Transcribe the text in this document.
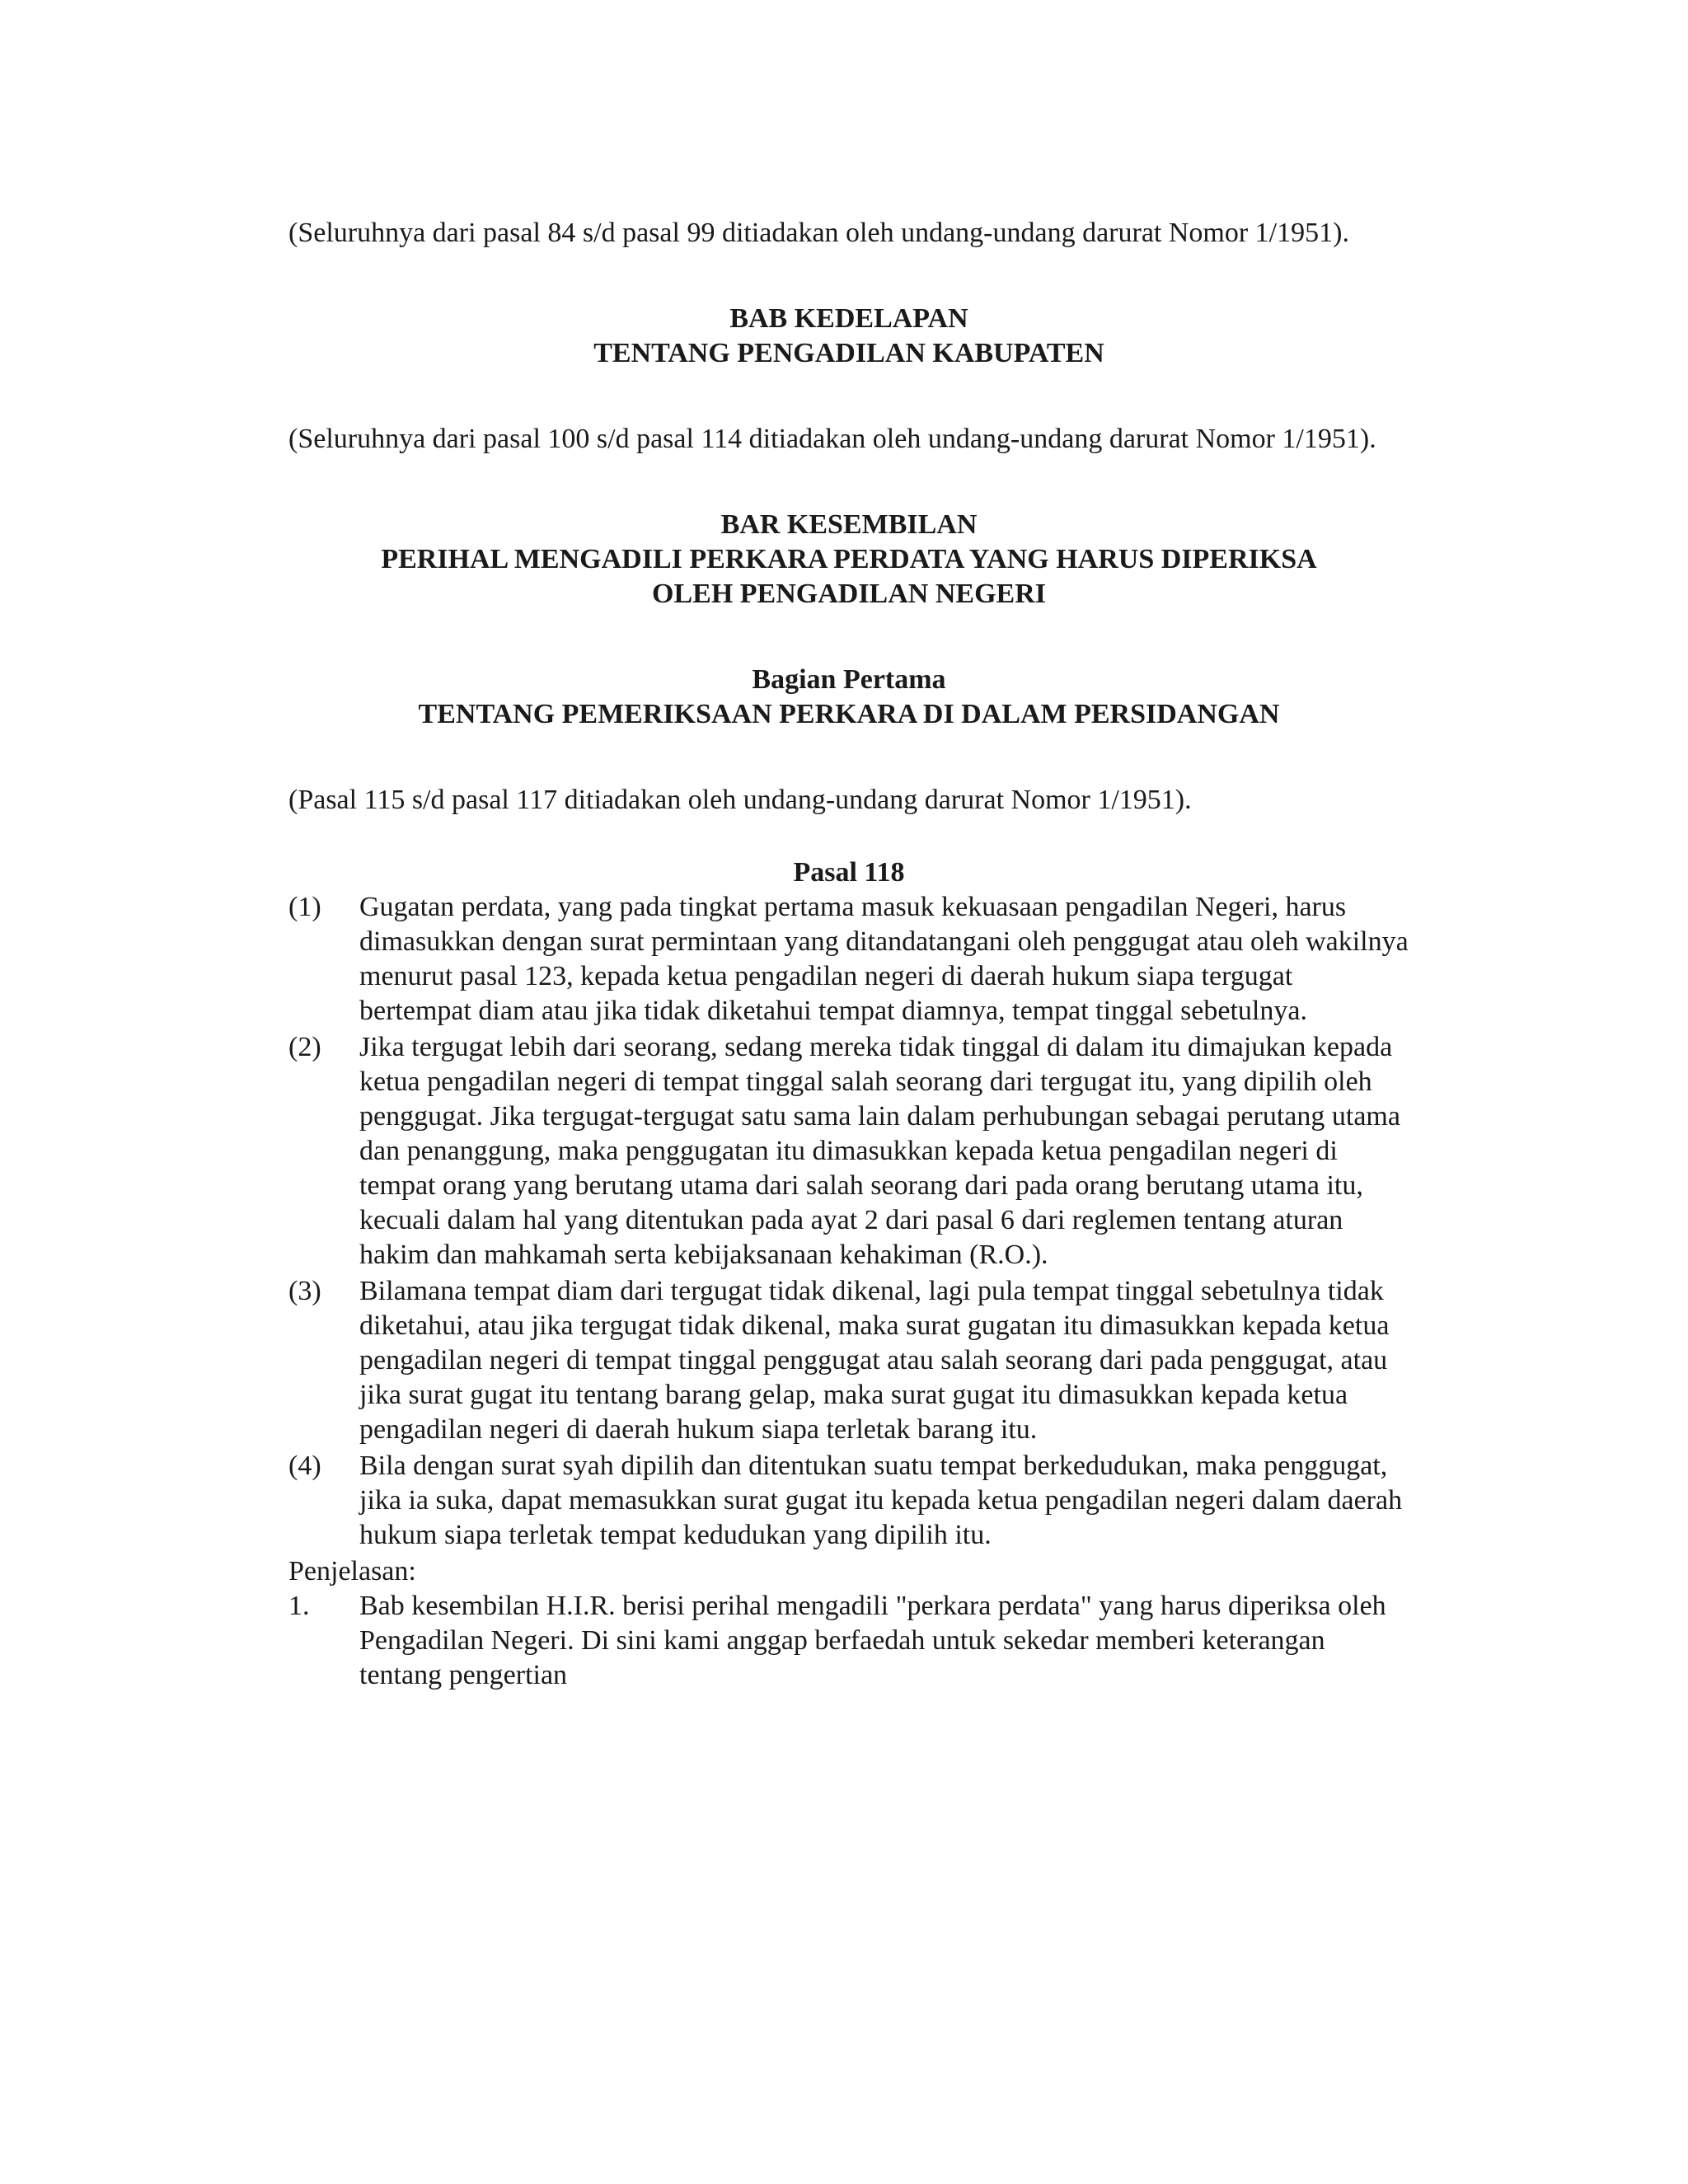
(Seluruhnya dari pasal 84 s/d pasal 99 ditiadakan oleh undang-undang darurat Nomor 1/1951).

BAB KEDELAPAN

TENTANG PENGADILAN KABUPATEN

(Seluruhnya dari pasal 100 s/d pasal 114 ditiadakan oleh undang-undang darurat Nomor 1/1951).

BAR KESEMBILAN

PERIHAL MENGADILI PERKARA PERDATA YANG HARUS DIPERIKSA

OLEH PENGADILAN NEGERI

Bagian Pertama

TENTANG PEMERIKSAAN PERKARA DI DALAM PERSIDANGAN

(Pasal 115 s/d pasal 117 ditiadakan oleh undang-undang darurat Nomor 1/1951).

Pasal 118

(1)	Gugatan perdata, yang pada tingkat pertama masuk kekuasaan pengadilan Negeri, harus dimasukkan dengan surat permintaan yang ditandatangani oleh penggugat atau oleh wakilnya menurut pasal 123, kepada ketua pengadilan negeri di daerah hukum siapa tergugat bertempat diam atau jika tidak diketahui tempat diamnya, tempat tinggal sebetulnya.
(2)	Jika tergugat lebih dari seorang, sedang mereka tidak tinggal di dalam itu dimajukan kepada ketua pengadilan negeri di tempat tinggal salah seorang dari tergugat itu, yang dipilih oleh penggugat. Jika tergugat-tergugat satu sama lain dalam perhubungan sebagai perutang utama dan penanggung, maka penggugatan itu dimasukkan kepada ketua pengadilan negeri di tempat orang yang berutang utama dari salah seorang dari pada orang berutang utama itu, kecuali dalam hal yang ditentukan pada ayat 2 dari pasal 6 dari reglemen tentang aturan hakim dan mahkamah serta kebijaksanaan kehakiman (R.O.).
(3)	Bilamana tempat diam dari tergugat tidak dikenal, lagi pula tempat tinggal sebetulnya tidak diketahui, atau jika tergugat tidak dikenal, maka surat gugatan itu dimasukkan kepada ketua pengadilan negeri di tempat tinggal penggugat atau salah seorang dari pada penggugat, atau jika surat gugat itu tentang barang gelap, maka surat gugat itu dimasukkan kepada ketua pengadilan negeri di daerah hukum siapa terletak barang itu.
(4)	Bila dengan surat syah dipilih dan ditentukan suatu tempat berkedudukan, maka penggugat, jika ia suka, dapat memasukkan surat gugat itu kepada ketua pengadilan negeri dalam daerah hukum siapa terletak tempat kedudukan yang dipilih itu.

Penjelasan:

1.	Bab kesembilan H.I.R. berisi perihal mengadili "perkara perdata" yang harus diperiksa oleh Pengadilan Negeri. Di sini kami anggap berfaedah untuk sekedar memberi keterangan tentang pengertian
